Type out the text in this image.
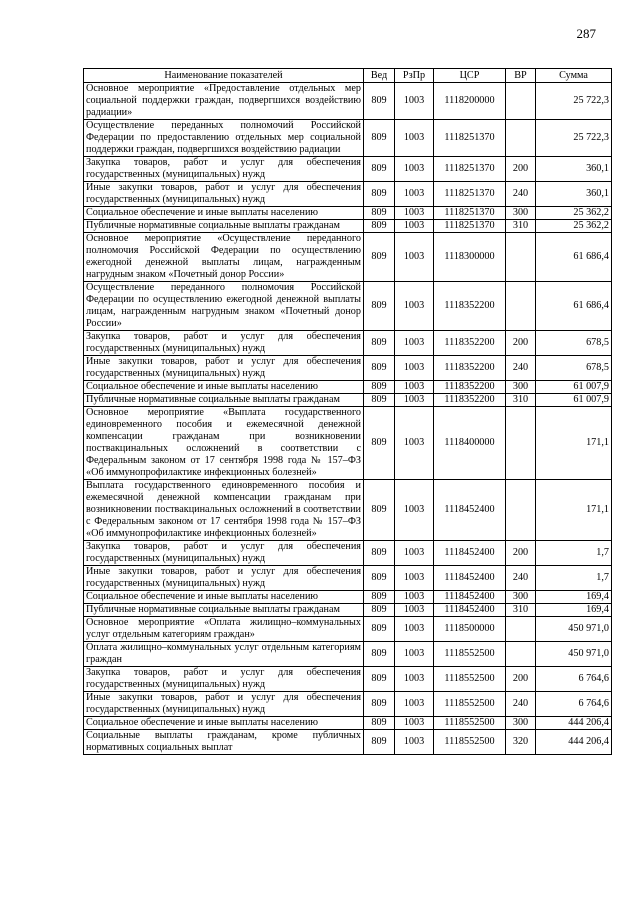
287
Наименование показателей	Вед	РзПр	ЦСР	ВР	Сумма
Основное мероприятие «Предоставление отдельных мер социальной поддержки граждан, подвергшихся воздействию радиации»	809	1003	1118200000		25 722,3
Осуществление переданных полномочий Российской Федерации по предоставлению отдельных мер социальной поддержки граждан, подвергшихся воздействию радиации	809	1003	1118251370		25 722,3
Закупка товаров, работ и услуг для обеспечения государственных (муниципальных) нужд	809	1003	1118251370	200	360,1
Иные закупки товаров, работ и услуг для обеспечения государственных (муниципальных) нужд	809	1003	1118251370	240	360,1
Социальное обеспечение и иные выплаты населению	809	1003	1118251370	300	25 362,2
Публичные нормативные социальные выплаты гражданам	809	1003	1118251370	310	25 362,2
Основное мероприятие «Осуществление переданного полномочия Российской Федерации по осуществлению ежегодной денежной выплаты лицам, награжденным нагрудным знаком «Почетный донор России»	809	1003	1118300000		61 686,4
Осуществление переданного полномочия Российской Федерации по осуществлению ежегодной денежной выплаты лицам, награжденным нагрудным знаком «Почетный донор России»	809	1003	1118352200		61 686,4
Закупка товаров, работ и услуг для обеспечения государственных (муниципальных) нужд	809	1003	1118352200	200	678,5
Иные закупки товаров, работ и услуг для обеспечения государственных (муниципальных) нужд	809	1003	1118352200	240	678,5
Социальное обеспечение и иные выплаты населению	809	1003	1118352200	300	61 007,9
Публичные нормативные социальные выплаты гражданам	809	1003	1118352200	310	61 007,9
Основное мероприятие «Выплата государственного единовременного пособия и ежемесячной денежной компенсации гражданам при возникновении поствакцинальных осложнений в соответствии с Федеральным законом от 17 сентября 1998 года № 157–ФЗ «Об иммунопрофилактике инфекционных болезней»	809	1003	1118400000		171,1
Выплата государственного единовременного пособия и ежемесячной денежной компенсации гражданам при возникновении поствакцинальных осложнений в соответствии с Федеральным законом от 17 сентября 1998 года № 157–ФЗ «Об иммунопрофилактике инфекционных болезней»	809	1003	1118452400		171,1
Закупка товаров, работ и услуг для обеспечения государственных (муниципальных) нужд	809	1003	1118452400	200	1,7
Иные закупки товаров, работ и услуг для обеспечения государственных (муниципальных) нужд	809	1003	1118452400	240	1,7
Социальное обеспечение и иные выплаты населению	809	1003	1118452400	300	169,4
Публичные нормативные социальные выплаты гражданам	809	1003	1118452400	310	169,4
Основное мероприятие «Оплата жилищно–коммунальных услуг отдельным категориям граждан»	809	1003	1118500000		450 971,0
Оплата жилищно–коммунальных услуг отдельным категориям граждан	809	1003	1118552500		450 971,0
Закупка товаров, работ и услуг для обеспечения государственных (муниципальных) нужд	809	1003	1118552500	200	6 764,6
Иные закупки товаров, работ и услуг для обеспечения государственных (муниципальных) нужд	809	1003	1118552500	240	6 764,6
Социальное обеспечение и иные выплаты населению	809	1003	1118552500	300	444 206,4
Социальные выплаты гражданам, кроме публичных нормативных социальных выплат	809	1003	1118552500	320	444 206,4
